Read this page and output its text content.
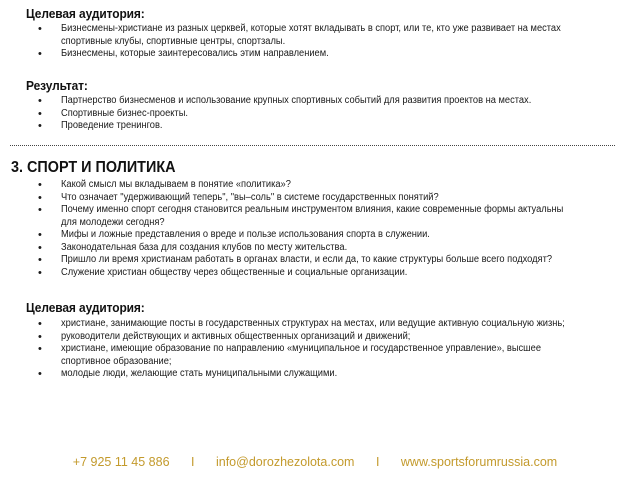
Целевая аудитория:
• Бизнесмены-христиане из разных церквей, которые хотят вкладывать в спорт, или те, кто уже развивает на местах
спортивные клубы, спортивные центры, спортзалы.
• Бизнесмены, которые заинтересовались этим направлением.
Результат:
• Партнерство бизнесменов и использование крупных спортивных событий для развития проектов на местах.
• Спортивные бизнес-проекты.
• Проведение тренингов.
3. СПОРТ И ПОЛИТИКА
• Какой смысл мы вкладываем в понятие «политика»?
• Что означает "удерживающий теперь", "вы–соль" в системе государственных понятий?
• Почему именно спорт сегодня становится реальным инструментом влияния, какие современные формы актуальны
для молодежи сегодня?
• Мифы и ложные представления о вреде и пользе использования спорта в служении.
• Законодательная база для создания клубов по месту жительства.
• Пришло ли время христианам работать в органах власти, и если да, то какие структуры больше всего подходят?
• Служение христиан обществу через общественные и социальные организации.
Целевая аудитория:
• христиане, занимающие посты в государственных структурах на местах, или ведущие активную социальную жизнь;
• руководители действующих и активных общественных организаций и движений;
• христиане, имеющие образование по направлению «муниципальное и государственное управление», высшее
спортивное образование;
• молодые люди, желающие стать муниципальными служащими.
+7 925 11 45 886 I info@dorozhezolota.com I www.sportsforumrussia.com
